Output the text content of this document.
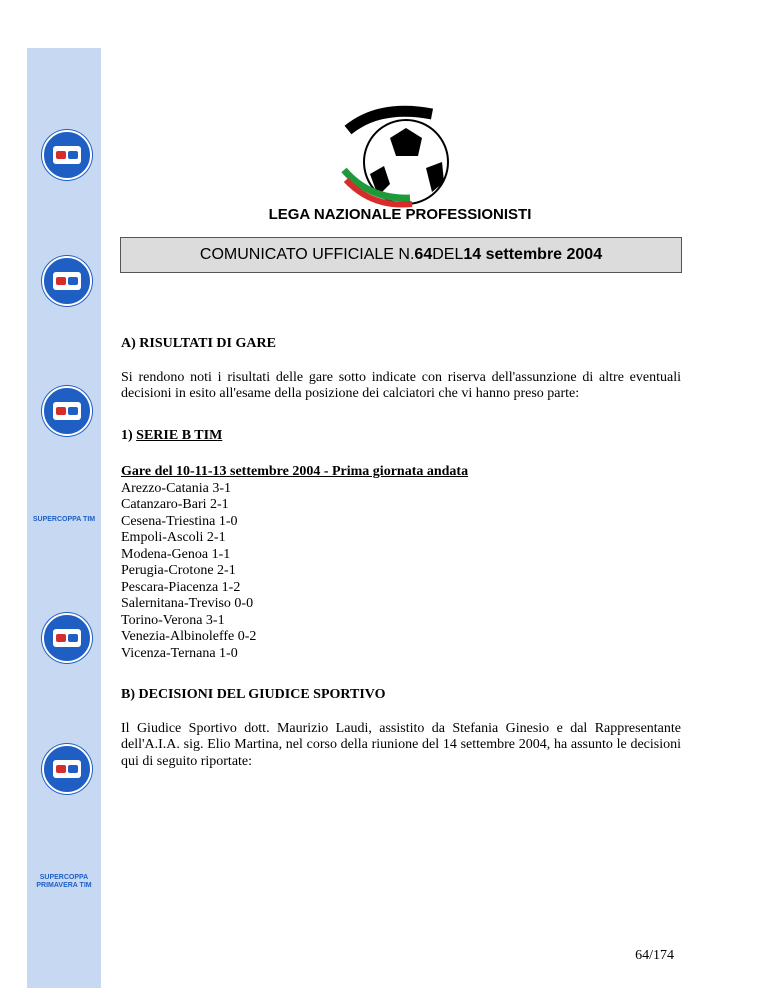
SUPERCOPPA TIM
SUPERCOPPA PRIMAVERA TIM
LEGA NAZIONALE PROFESSIONISTI
COMUNICATO UFFICIALE N. 64 DEL 14 settembre 2004

A) RISULTATI DI GARE

Si rendono noti i risultati delle gare sotto indicate con riserva dell'assunzione di altre eventuali decisioni in esito all'esame della posizione dei calciatori che vi hanno preso parte:

1) SERIE B TIM

Gare del 10-11-13 settembre 2004 - Prima giornata andata

Arezzo-Catania 3-1
Catanzaro-Bari 2-1
Cesena-Triestina 1-0
Empoli-Ascoli 2-1
Modena-Genoa 1-1
Perugia-Crotone 2-1
Pescara-Piacenza 1-2
Salernitana-Treviso 0-0
Torino-Verona 3-1
Venezia-Albinoleffe 0-2
Vicenza-Ternana 1-0

B) DECISIONI DEL GIUDICE SPORTIVO

Il Giudice Sportivo dott. Maurizio Laudi, assistito da Stefania Ginesio e dal Rappresentante dell'A.I.A. sig. Elio Martina, nel corso della riunione del 14 settembre 2004, ha assunto le decisioni qui di seguito riportate:

64/174
